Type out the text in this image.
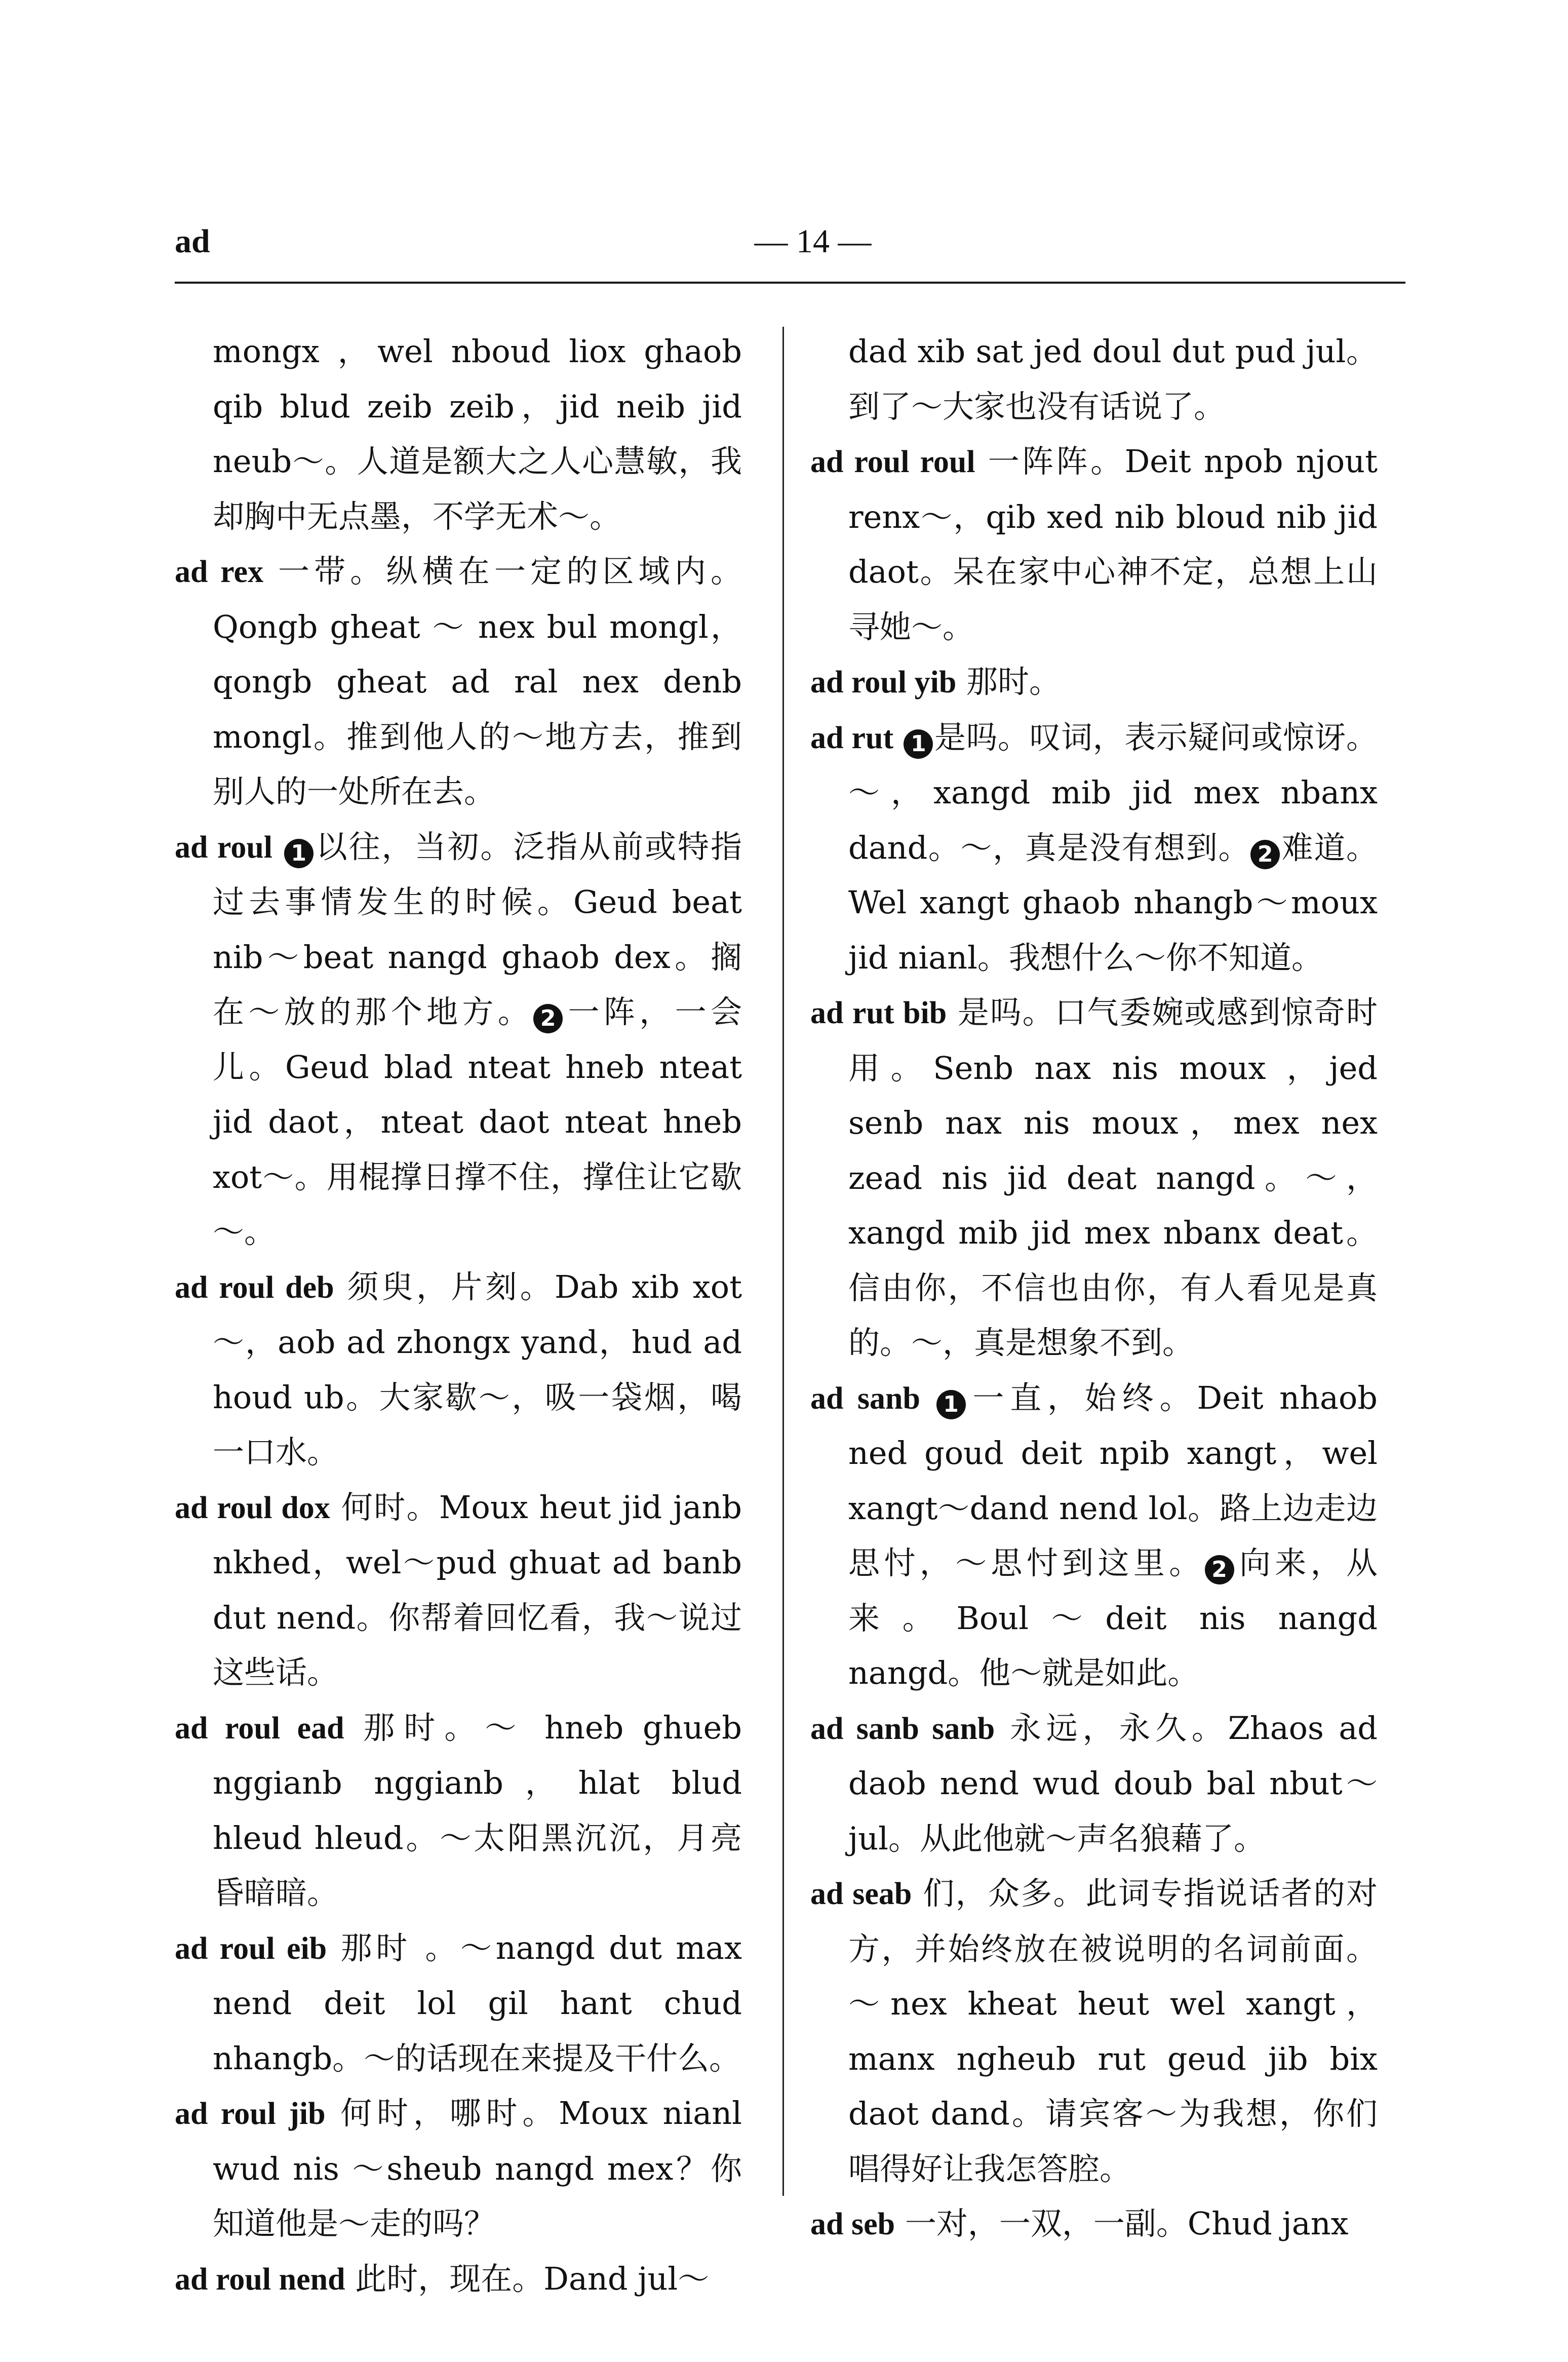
ad	— 14 —

mongx ，wel nboud liox ghaob qib blud zeib zeib，jid neib jid neub～。人道是额大之人心慧敏，我却胸中无点墨，不学无术～。

ad rex 一带。纵横在一定的区域内。Qongb gheat ～ nex bul mongl，qongb gheat ad ral nex denb mongl。推到他人的～地方去，推到别人的一处所在去。

ad roul 1 以往，当初。泛指从前或特指过去事情发生的时候。Geud beat nib～beat nangd ghaob dex。搁在～放的那个地方。 2 一阵，一会儿。Geud blad nteat hneb nteat jid daot，nteat daot nteat hneb xot～。用棍撑日撑不住，撑住让它歇～。

ad roul deb 须臾，片刻。Dab xib xot ～，aob ad zhongx yand，hud ad houd ub。大家歇～，吸一袋烟，喝一口水。

ad roul dox 何时。Moux heut jid janb nkhed，wel～pud ghuat ad banb dut nend。你帮着回忆看，我～说过这些话。

ad roul ead 那时。～ hneb ghueb nggianb nggianb，hlat blud hleud hleud。～太阳黑沉沉，月亮昏暗暗。

ad roul eib 那时 。～nangd dut max nend deit lol gil hant chud nhangb。～的话现在来提及干什么。

ad roul jib 何时，哪时。Moux nianl wud nis ～sheub nangd mex？你知道他是～走的吗？

ad roul nend 此时，现在。Dand jul～

dad xib sat jed doul dut pud jul。到了～大家也没有话说了。

ad roul roul 一阵阵。Deit npob njout renx～，qib xed nib bloud nib jid daot。呆在家中心神不定，总想上山寻她～。

ad roul yib 那时。

ad rut 1 是吗。叹词，表示疑问或惊讶。～，xangd mib jid mex nbanx dand。～，真是没有想到。 2 难道。Wel xangt ghaob nhangb～moux jid nianl。我想什么～你不知道。

ad rut bib 是吗。口气委婉或感到惊奇时用。Senb nax nis moux ，jed senb nax nis moux，mex nex zead nis jid deat nangd。～，xangd mib jid mex nbanx deat。信由你，不信也由你，有人看见是真的。～，真是想象不到。

ad sanb 1 一直，始终。Deit nhaob ned goud deit npib xangt，wel xangt～dand nend lol。路上边走边思忖，～思忖到这里。 2 向来，从来。Boul～deit nis nangd nangd。他～就是如此。

ad sanb sanb 永远，永久。Zhaos ad daob nend wud doub bal nbut～jul。从此他就～声名狼藉了。

ad seab 们，众多。此词专指说话者的对方，并始终放在被说明的名词前面。～nex kheat heut wel xangt，manx ngheub rut geud jib bix daot dand。请宾客～为我想，你们唱得好让我怎答腔。

ad seb 一对，一双，一副。Chud janx
